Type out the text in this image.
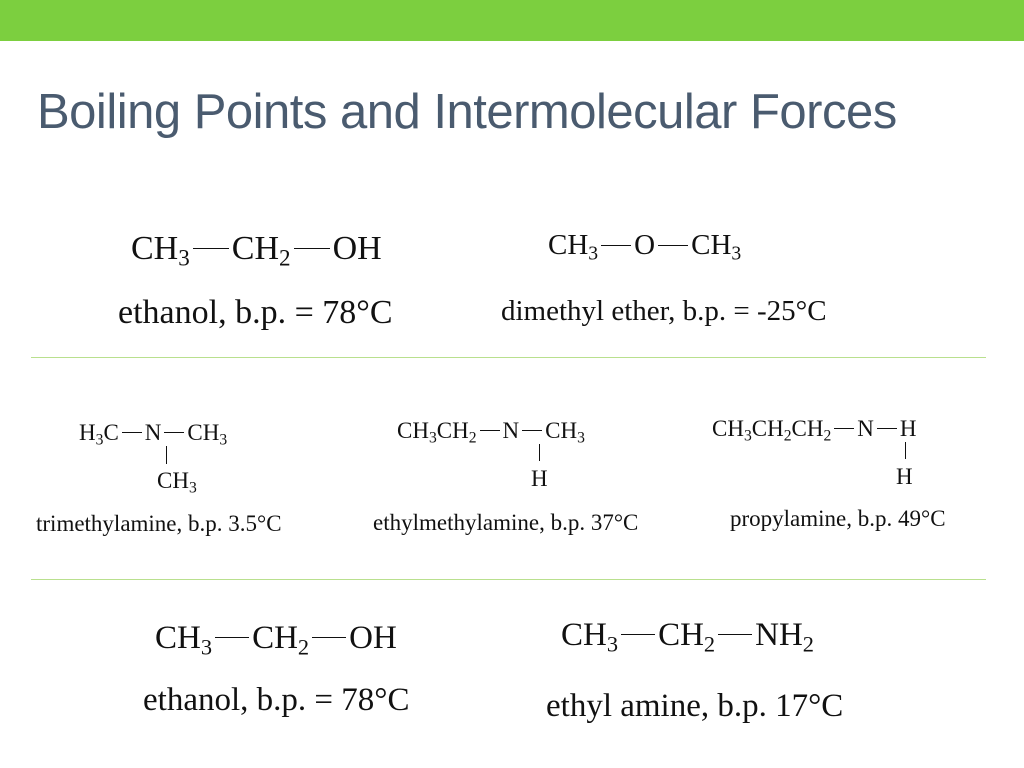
Boiling Points and Intermolecular Forces
$CH_3$ $CH_2$ OH
ethanol, b.p. = 78°C
$CH_3$ O $CH_3$
dimethyl ether, b.p. = -25°C
$H_3C$ N $CH_3$
$CH_3$
trimethylamine, b.p. 3.5°C
$CH_3CH_2$ N $CH_3$
H
ethylmethylamine, b.p. 37°C
$CH_3CH_2CH_2$ N H
H
propylamine, b.p. 49°C
$CH_3$ $CH_2$ OH
ethanol, b.p. = 78°C
$CH_3$ $CH_2$ $NH_2$
ethyl amine, b.p. 17°C
